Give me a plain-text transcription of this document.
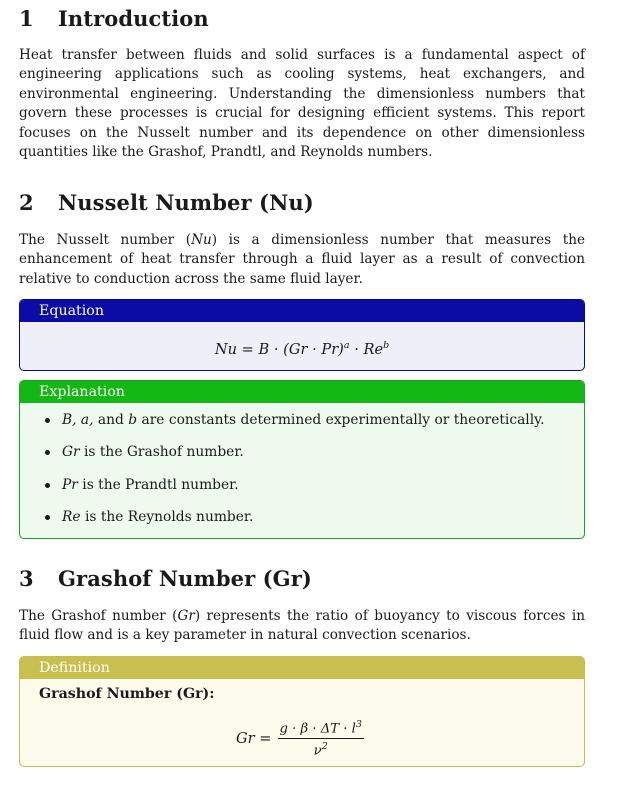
1	Introduction

Heat transfer between fluids and solid surfaces is a fundamental aspect of engineering applications such as cooling systems, heat exchangers, and environmental engineering. Understanding the dimensionless numbers that govern these processes is crucial for designing efficient systems. This report focuses on the Nusselt number and its dependence on other dimensionless quantities like the Grashof, Prandtl, and Reynolds numbers.

2	Nusselt Number (Nu)

The Nusselt number (Nu) is a dimensionless number that measures the enhancement of heat transfer through a fluid layer as a result of convection relative to conduction across the same fluid layer.

Equation
$Nu = B \cdot (Gr \cdot Pr)^a \cdot Re^b$
Explanation
B, a, and b are constants determined experimentally or theoretically.
Gr is the Grashof number.
Pr is the Prandtl number.
Re is the Reynolds number.
3	Grashof Number (Gr)

The Grashof number (Gr) represents the ratio of buoyancy to viscous forces in fluid flow and is a key parameter in natural convection scenarios.

Definition
Grashof Number (Gr):
$Gr = \frac{g \cdot \beta \cdot \Delta T \cdot l^3}{\nu^2}$
